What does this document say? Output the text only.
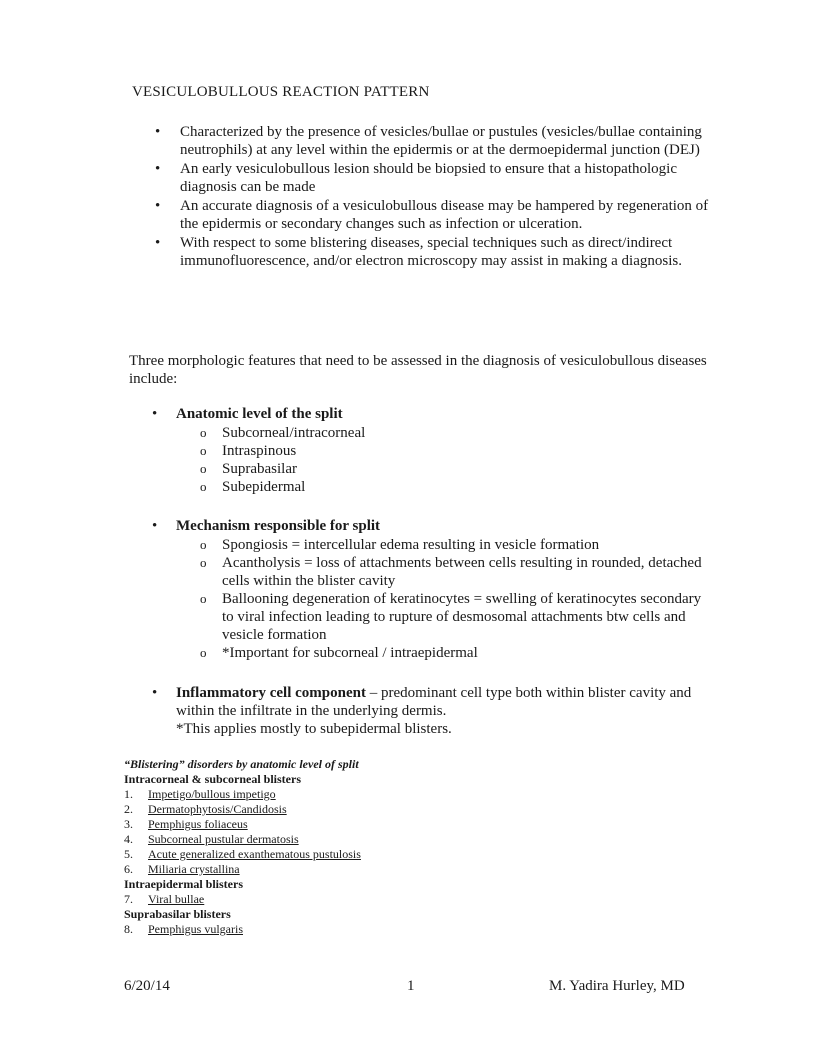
VESICULOBULLOUS REACTION PATTERN
• Characterized by the presence of vesicles/bullae or pustules (vesicles/bullae containing neutrophils) at any level within the epidermis or at the dermoepidermal junction (DEJ)
• An early vesiculobullous lesion should be biopsied to ensure that a histopathologic diagnosis can be made
• An accurate diagnosis of a vesiculobullous disease may be hampered by regeneration of the epidermis or secondary changes such as infection or ulceration.
• With respect to some blistering diseases, special techniques such as direct/indirect immunofluorescence, and/or electron microscopy may assist in making a diagnosis.
Three morphologic features that need to be assessed in the diagnosis of vesiculobullous diseases include:
• Anatomic level of the split
o Subcorneal/intracorneal
o Intraspinous
o Suprabasilar
o Subepidermal
• Mechanism responsible for split
o Spongiosis = intercellular edema resulting in vesicle formation
o Acantholysis = loss of attachments between cells resulting in rounded, detached cells within the blister cavity
o Ballooning degeneration of keratinocytes = swelling of keratinocytes secondary to viral infection leading to rupture of desmosomal attachments btw cells and vesicle formation
o *Important for subcorneal / intraepidermal
• Inflammatory cell component – predominant cell type both within blister cavity and within the infiltrate in the underlying dermis.
*This applies mostly to subepidermal blisters.
“Blistering” disorders by anatomic level of split
Intracorneal & subcorneal blisters
1.	Impetigo/bullous impetigo
2.	Dermatophytosis/Candidosis
3.	Pemphigus foliaceus
4.	Subcorneal pustular dermatosis
5.	Acute generalized exanthematous pustulosis
6.	Miliaria crystallina
Intraepidermal blisters
7.	Viral bullae
Suprabasilar blisters
8.	Pemphigus vulgaris
6/20/14	1	M. Yadira Hurley, MD
